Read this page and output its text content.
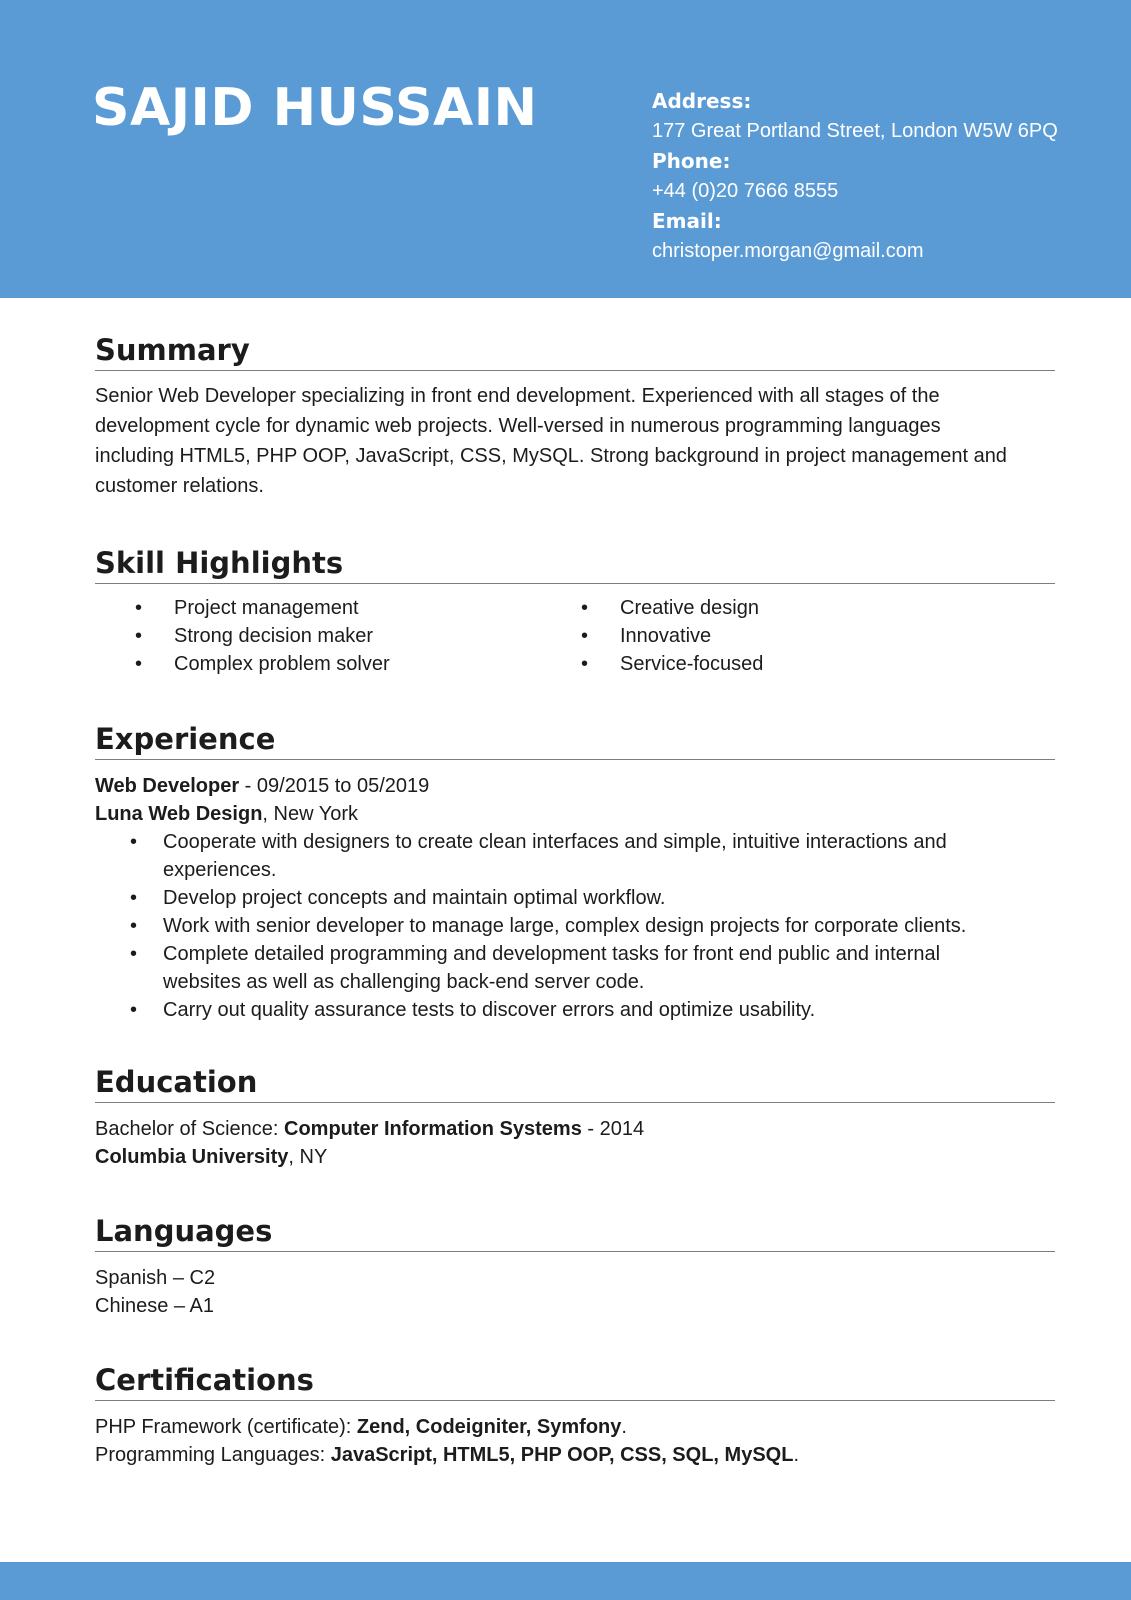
SAJID HUSSAIN	Address:
177 Great Portland Street, London W5W 6PQ
Phone:
+44 (0)20 7666 8555
Email:
christoper.morgan@gmail.com
Summary
Senior Web Developer specializing in front end development. Experienced with all stages of the
development cycle for dynamic web projects. Well-versed in numerous programming languages
including HTML5, PHP OOP, JavaScript, CSS, MySQL. Strong background in project management and
customer relations.
Skill Highlights
• Project management
• Strong decision maker
• Complex problem solver
• Creative design
• Innovative
• Service-focused
Experience
Web Developer - 09/2015 to 05/2019
Luna Web Design, New York
• Cooperate with designers to create clean interfaces and simple, intuitive interactions and
experiences.
• Develop project concepts and maintain optimal workflow.
• Work with senior developer to manage large, complex design projects for corporate clients.
• Complete detailed programming and development tasks for front end public and internal
websites as well as challenging back-end server code.
• Carry out quality assurance tests to discover errors and optimize usability.
Education
Bachelor of Science: Computer Information Systems - 2014
Columbia University, NY
Languages
Spanish – C2
Chinese – A1
Certifications
PHP Framework (certificate): Zend, Codeigniter, Symfony.
Programming Languages: JavaScript, HTML5, PHP OOP, CSS, SQL, MySQL.
